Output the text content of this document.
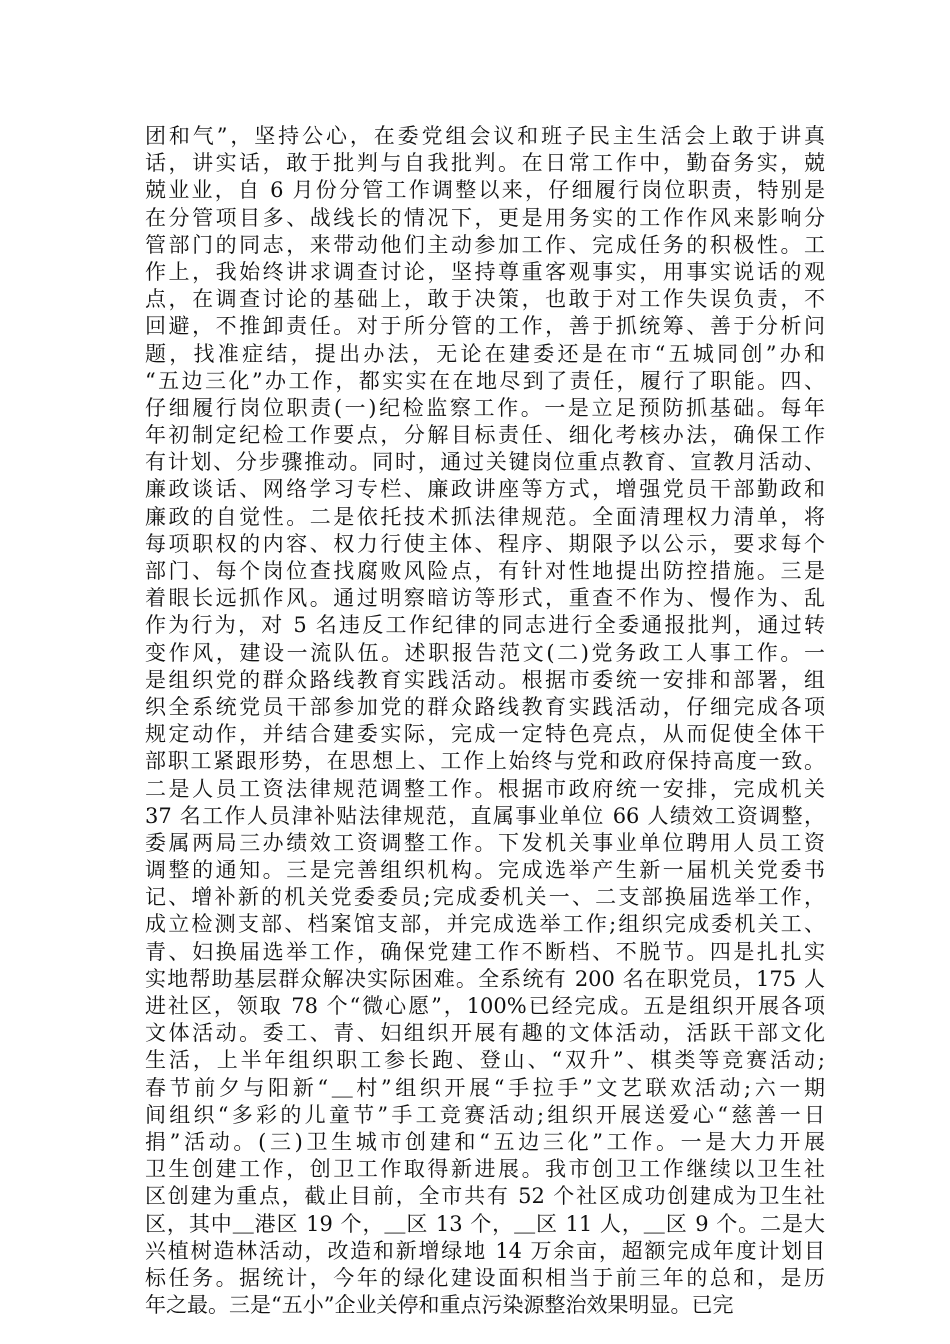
团和气”，坚持公心，在委党组会议和班子民主生活会上敢于讲真
话，讲实话，敢于批判与自我批判。在日常工作中，勤奋务实，兢
兢业业，自 6 月份分管工作调整以来，仔细履行岗位职责，特别是
在分管项目多、战线长的情况下，更是用务实的工作作风来影响分
管部门的同志，来带动他们主动参加工作、完成任务的积极性。工
作上，我始终讲求调查讨论，坚持尊重客观事实，用事实说话的观
点，在调查讨论的基础上，敢于决策，也敢于对工作失误负责，不
回避，不推卸责任。对于所分管的工作，善于抓统筹、善于分析问
题，找准症结，提出办法，无论在建委还是在市“五城同创”办和
“五边三化”办工作，都实实在在地尽到了责任，履行了职能。四、
仔细履行岗位职责(一)纪检监察工作。一是立足预防抓基础。每年
年初制定纪检工作要点，分解目标责任、细化考核办法，确保工作
有计划、分步骤推动。同时，通过关键岗位重点教育、宣教月活动、
廉政谈话、网络学习专栏、廉政讲座等方式，增强党员干部勤政和
廉政的自觉性。二是依托技术抓法律规范。全面清理权力清单，将
每项职权的内容、权力行使主体、程序、期限予以公示，要求每个
部门、每个岗位查找腐败风险点，有针对性地提出防控措施。三是
着眼长远抓作风。通过明察暗访等形式，重查不作为、慢作为、乱
作为行为，对 5 名违反工作纪律的同志进行全委通报批判，通过转
变作风，建设一流队伍。述职报告范文(二)党务政工人事工作。一
是组织党的群众路线教育实践活动。根据市委统一安排和部署，组
织全系统党员干部参加党的群众路线教育实践活动，仔细完成各项
规定动作，并结合建委实际，完成一定特色亮点，从而促使全体干
部职工紧跟形势，在思想上、工作上始终与党和政府保持高度一致。
二是人员工资法律规范调整工作。根据市政府统一安排，完成机关
37 名工作人员津补贴法律规范，直属事业单位 66 人绩效工资调整，
委属两局三办绩效工资调整工作。下发机关事业单位聘用人员工资
调整的通知。三是完善组织机构。完成选举产生新一届机关党委书
记、增补新的机关党委委员;完成委机关一、二支部换届选举工作，
成立检测支部、档案馆支部，并完成选举工作;组织完成委机关工、
青、妇换届选举工作，确保党建工作不断档、不脱节。四是扎扎实
实地帮助基层群众解决实际困难。全系统有 200 名在职党员，175 人
进社区，领取 78 个“微心愿”，100%已经完成。五是组织开展各项
文体活动。委工、青、妇组织开展有趣的文体活动，活跃干部文化
生活，上半年组织职工参长跑、登山、“双升”、棋类等竞赛活动;
春节前夕与阳新“＿村”组织开展“手拉手”文艺联欢活动;六一期
间组织“多彩的儿童节”手工竞赛活动;组织开展送爱心“慈善一日
捐”活动。(三)卫生城市创建和“五边三化”工作。一是大力开展
卫生创建工作，创卫工作取得新进展。我市创卫工作继续以卫生社
区创建为重点，截止目前，全市共有 52 个社区成功创建成为卫生社
区，其中＿港区 19 个，＿区 13 个，＿区 11 人，＿区 9 个。二是大
兴植树造林活动，改造和新增绿地 14 万余亩，超额完成年度计划目
标任务。据统计，今年的绿化建设面积相当于前三年的总和，是历
年之最。三是“五小”企业关停和重点污染源整治效果明显。已完
